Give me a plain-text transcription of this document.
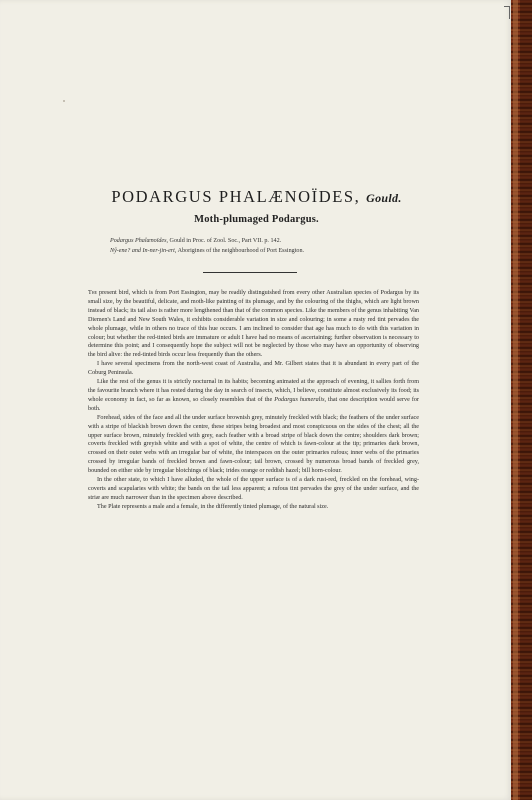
PODARGUS PHALÆNOÏDES, Gould.
Moth-plumaged Podargus.
Podargus Phalænoïdes, Gould in Proc. of Zool. Soc., Part VII. p. 142.
Nŷ-ene? and In-ner-jin-ert, Aborigines of the neighbourhood of Port Essington.

The present bird, which is from Port Essington, may be readily distinguished from every other Australian species of Podargus by its small size, by the beautiful, delicate, and moth-like painting of its plumage, and by the colouring of the thighs, which are light brown instead of black; its tail also is rather more lengthened than that of the common species. Like the members of the genus inhabiting Van Diemen's Land and New South Wales, it exhibits considerable variation in size and colouring; in some a rusty red tint pervades the whole plumage, while in others no trace of this hue occurs. I am inclined to consider that age has much to do with this variation in colour; but whether the red-tinted birds are immature or adult I have had no means of ascertaining; further observation is necessary to determine this point; and I consequently hope the subject will not be neglected by those who may have an opportunity of observing the bird alive: the red-tinted birds occur less frequently than the others.

I have several specimens from the north-west coast of Australia, and Mr. Gilbert states that it is abundant in every part of the Coburg Peninsula.

Like the rest of the genus it is strictly nocturnal in its habits; becoming animated at the approach of evening, it sallies forth from the favourite branch where it has rested during the day in search of insects, which, I believe, constitute almost exclusively its food; its whole economy in fact, so far as known, so closely resembles that of the Podargus humeralis, that one description would serve for both.

Forehead, sides of the face and all the under surface brownish grey, minutely freckled with black; the feathers of the under surface with a stripe of blackish brown down the centre, these stripes being broadest and most conspicuous on the sides of the chest; all the upper surface brown, minutely freckled with grey, each feather with a broad stripe of black down the centre; shoulders dark brown; coverts freckled with greyish white and with a spot of white, the centre of which is fawn-colour at the tip; primaries dark brown, crossed on their outer webs with an irregular bar of white, the interspaces on the outer primaries rufous; inner webs of the primaries crossed by irregular bands of freckled brown and fawn-colour; tail brown, crossed by numerous broad bands of freckled grey, bounded on either side by irregular blotchings of black; irides orange or reddish hazel; bill horn-colour.

In the other state, to which I have alluded, the whole of the upper surface is of a dark rust-red, freckled on the forehead, wing-coverts and scapularies with white; the bands on the tail less apparent; a rufous tint pervades the grey of the under surface, and the striæ are much narrower than in the specimen above described.

The Plate represents a male and a female, in the differently tinted plumage, of the natural size.
